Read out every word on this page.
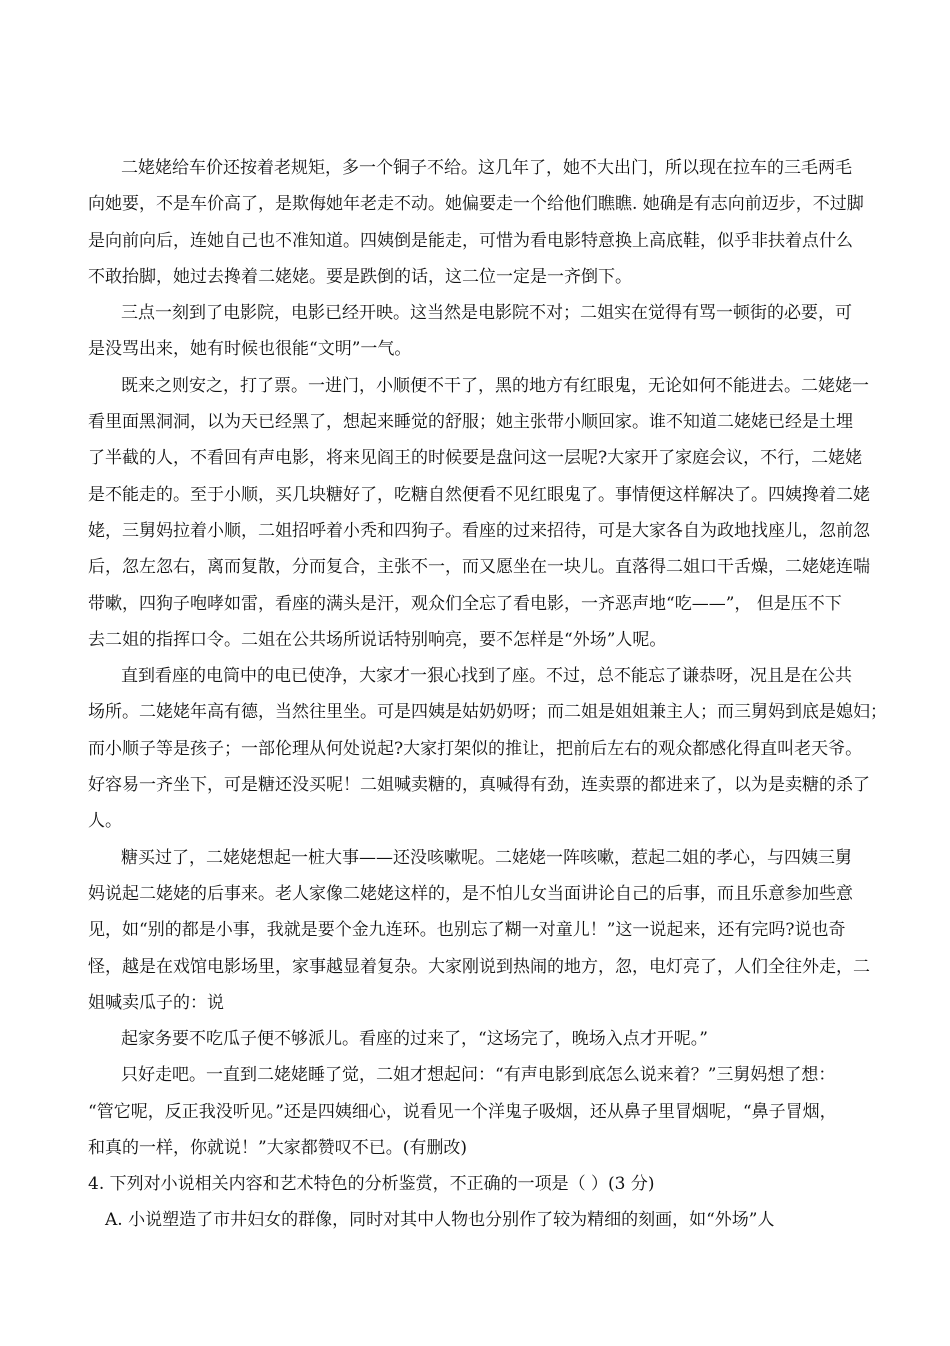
二姥姥给车价还按着老规矩，多一个铜子不给。这几年了，她不大出门，所以现在拉车的三毛两毛
向她要，不是车价高了，是欺侮她年老走不动。她偏要走一个给他们瞧瞧. 她确是有志向前迈步，不过脚
是向前向后，连她自己也不准知道。四姨倒是能走，可惜为看电影特意换上高底鞋，似乎非扶着点什么
不敢抬脚，她过去搀着二姥姥。要是跌倒的话，这二位一定是一齐倒下。

三点一刻到了电影院，电影已经开映。这当然是电影院不对；二姐实在觉得有骂一顿街的必要，可
是没骂出来，她有时候也很能“文明”一气。

既来之则安之，打了票。一进门，小顺便不干了，黑的地方有红眼鬼，无论如何不能进去。二姥姥一
看里面黑洞洞，以为天已经黑了，想起来睡觉的舒服；她主张带小顺回家。谁不知道二姥姥已经是土埋
了半截的人，不看回有声电影，将来见阎王的时候要是盘问这一层呢?大家开了家庭会议，不行，二姥姥
是不能走的。至于小顺，买几块糖好了，吃糖自然便看不见红眼鬼了。事情便这样解决了。四姨搀着二姥
姥，三舅妈拉着小顺，二姐招呼着小秃和四狗子。看座的过来招待，可是大家各自为政地找座儿，忽前忽
后，忽左忽右，离而复散，分而复合，主张不一，而又愿坐在一块儿。直落得二姐口干舌燥，二姥姥连喘
带嗽，四狗子咆哮如雷，看座的满头是汗，观众们全忘了看电影，一齐恶声地“吃——”， 但是压不下
去二姐的指挥口令。二姐在公共场所说话特别响亮，要不怎样是“外场”人呢。

直到看座的电筒中的电已使净，大家才一狠心找到了座。不过，总不能忘了谦恭呀，况且是在公共
场所。二姥姥年高有德，当然往里坐。可是四姨是姑奶奶呀；而二姐是姐姐兼主人；而三舅妈到底是媳妇；
而小顺子等是孩子；一部伦理从何处说起?大家打架似的推让，把前后左右的观众都感化得直叫老天爷。
好容易一齐坐下，可是糖还没买呢！二姐喊卖糖的，真喊得有劲，连卖票的都进来了，以为是卖糖的杀了
人。

糖买过了，二姥姥想起一桩大事——还没咳嗽呢。二姥姥一阵咳嗽，惹起二姐的孝心，与四姨三舅
妈说起二姥姥的后事来。老人家像二姥姥这样的，是不怕儿女当面讲论自己的后事，而且乐意参加些意
见，如“别的都是小事，我就是要个金九连环。也别忘了糊一对童儿！”这一说起来，还有完吗?说也奇
怪，越是在戏馆电影场里，家事越显着复杂。大家刚说到热闹的地方，忽，电灯亮了，人们全往外走，二
姐喊卖瓜子的：说

起家务要不吃瓜子便不够派儿。看座的过来了，“这场完了，晚场入点才开呢。”

只好走吧。一直到二姥姥睡了觉，二姐才想起问：“有声电影到底怎么说来着？”三舅妈想了想：
“管它呢，反正我没听见。”还是四姨细心，说看见一个洋鬼子吸烟，还从鼻子里冒烟呢，“鼻子冒烟，
和真的一样，你就说！”大家都赞叹不已。(有删改)

4. 下列对小说相关内容和艺术特色的分析鉴赏，不正确的一项是（ ）(3 分)

A. 小说塑造了市井妇女的群像，同时对其中人物也分别作了较为精细的刻画，如“外场”人
